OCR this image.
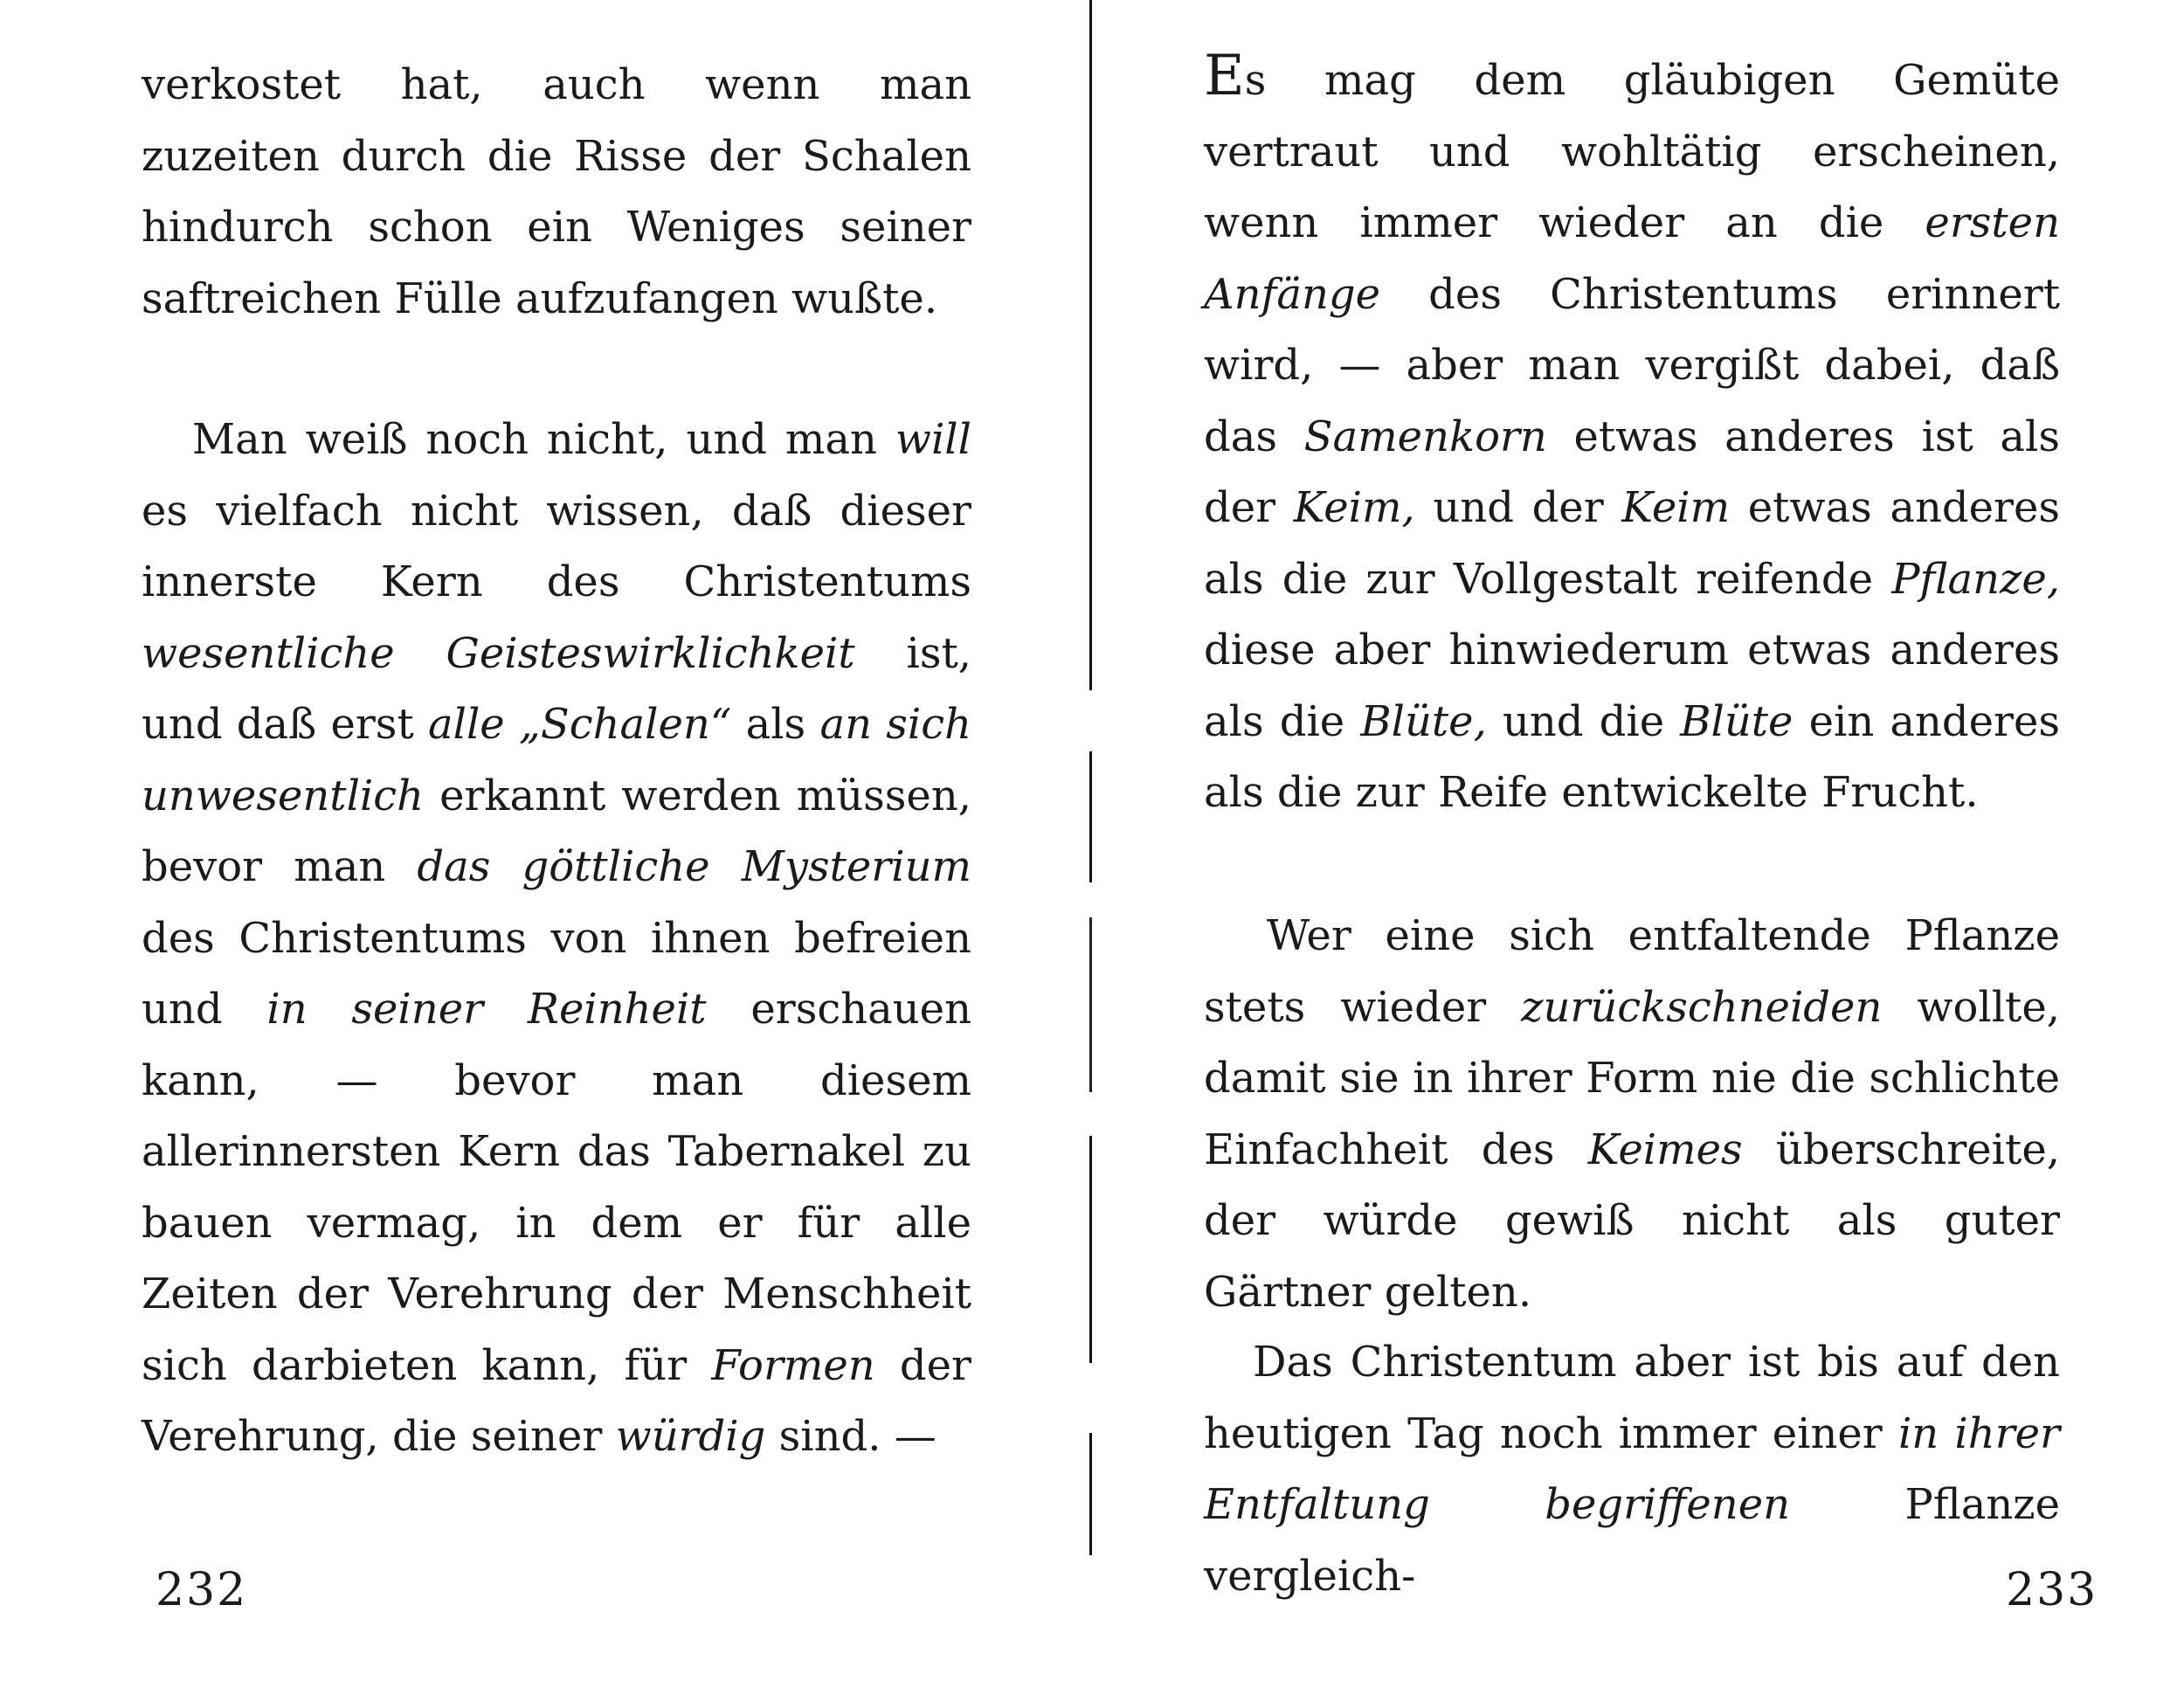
verkostet hat, auch wenn man zuzeiten durch die Risse der Schalen hindurch schon ein Weniges seiner saftreichen Fülle aufzufangen wußte.

Man weiß noch nicht, und man will es vielfach nicht wissen, daß dieser innerste Kern des Christentums wesentliche Geisteswirklichkeit ist, und daß erst alle „Schalen“ als an sich unwesentlich erkannt werden müssen, bevor man das göttliche Mysterium des Christentums von ihnen befreien und in seiner Reinheit erschauen kann, — bevor man diesem allerinnersten Kern das Tabernakel zu bauen vermag, in dem er für alle Zeiten der Verehrung der Menschheit sich darbieten kann, für Formen der Verehrung, die seiner würdig sind. —

Es mag dem gläubigen Gemüte vertraut und wohltätig erscheinen, wenn immer wieder an die ersten Anfänge des Christentums erinnert wird, — aber man vergißt dabei, daß das Samenkorn etwas anderes ist als der Keim, und der Keim etwas anderes als die zur Vollgestalt reifende Pflanze, diese aber hinwiederum etwas anderes als die Blüte, und die Blüte ein anderes als die zur Reife entwickelte Frucht.

Wer eine sich entfaltende Pflanze stets wieder zurückschneiden wollte, damit sie in ihrer Form nie die schlichte Einfachheit des Keimes überschreite, der würde gewiß nicht als guter Gärtner gelten.

Das Christentum aber ist bis auf den heutigen Tag noch immer einer in ihrer Entfaltung begriffenen Pflanze vergleich-

232	233
